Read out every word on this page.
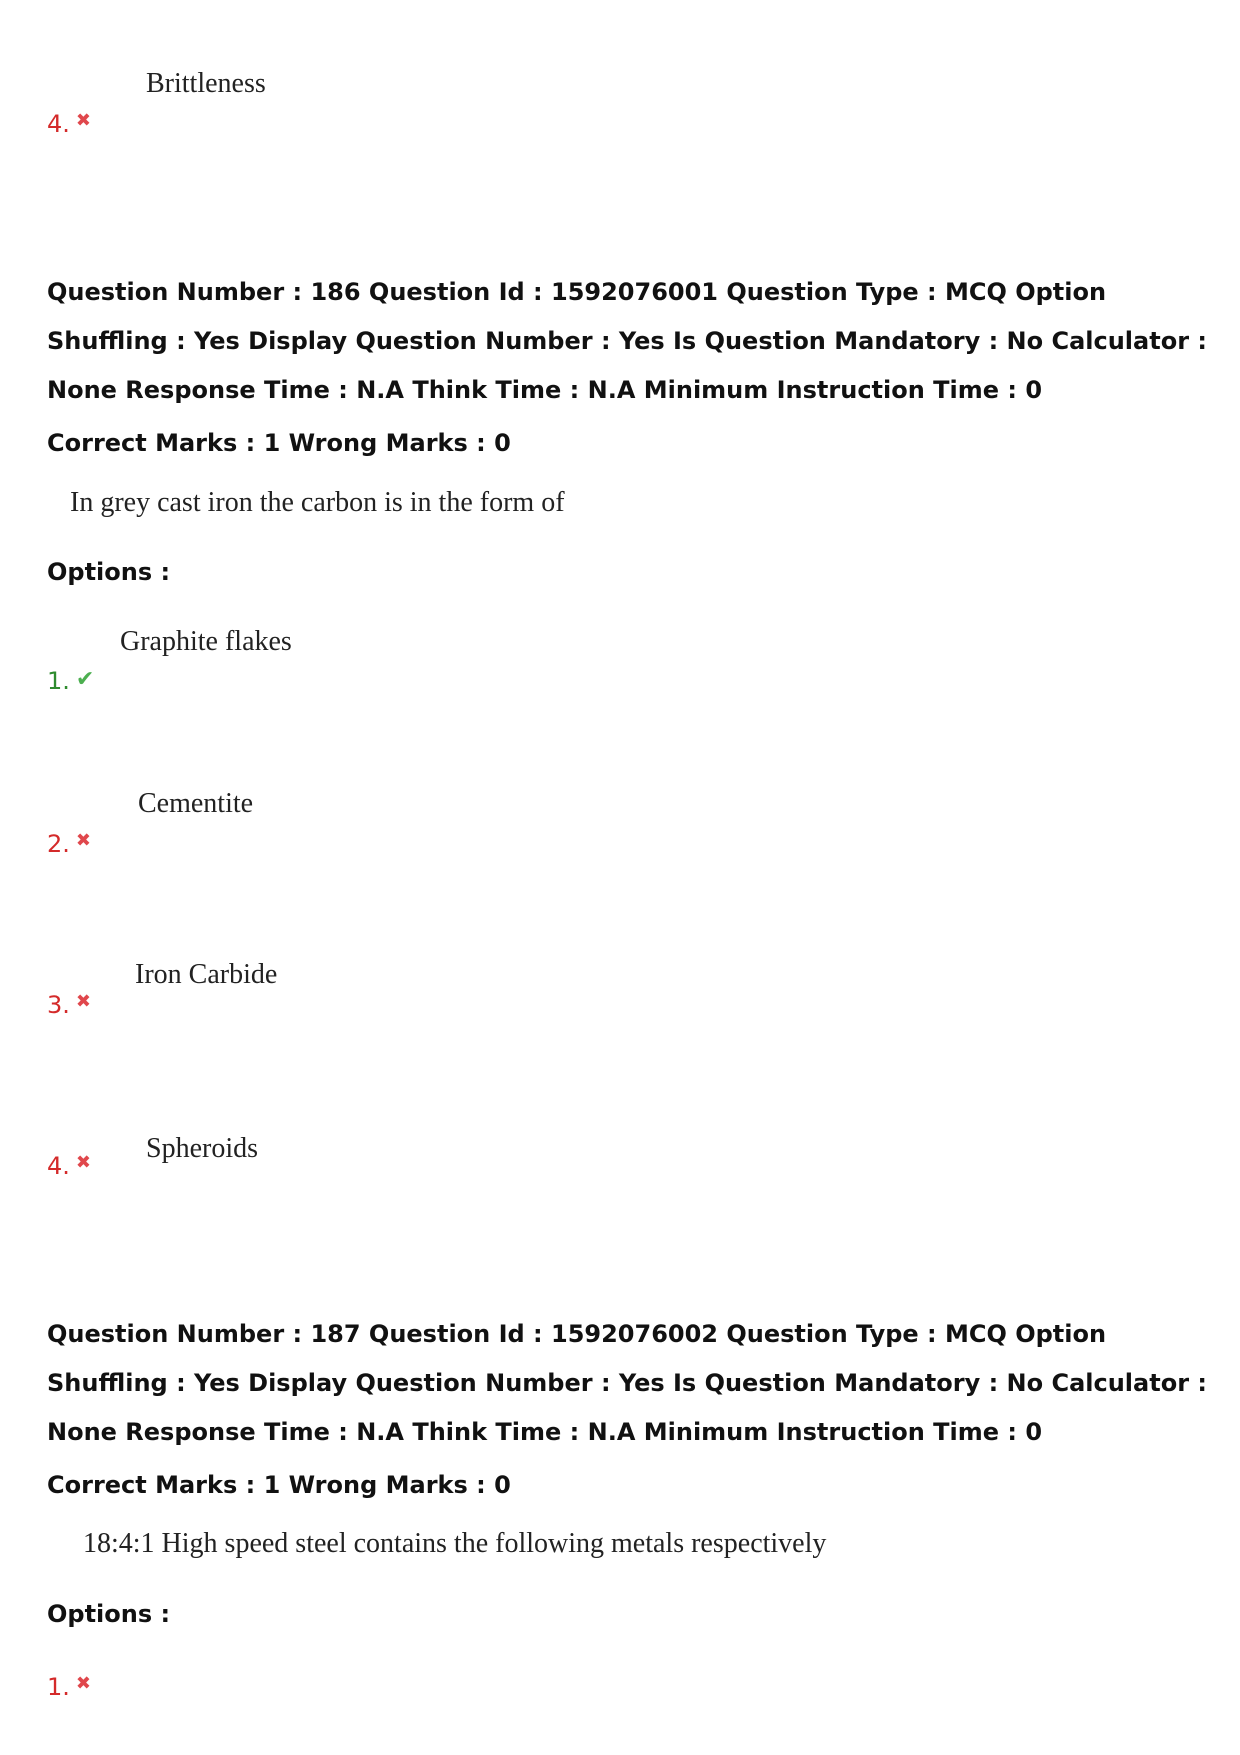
Brittleness
4. ✖
Question Number : 186 Question Id : 1592076001 Question Type : MCQ Option Shuffling : Yes Display Question Number : Yes Is Question Mandatory : No Calculator : None Response Time : N.A Think Time : N.A Minimum Instruction Time : 0
Correct Marks : 1 Wrong Marks : 0
In grey cast iron the carbon is in the form of
Options :
Graphite flakes
1. ✔
Cementite
2. ✖
Iron Carbide
3. ✖
Spheroids
4. ✖
Question Number : 187 Question Id : 1592076002 Question Type : MCQ Option Shuffling : Yes Display Question Number : Yes Is Question Mandatory : No Calculator : None Response Time : N.A Think Time : N.A Minimum Instruction Time : 0
Correct Marks : 1 Wrong Marks : 0
18:4:1 High speed steel contains the following metals respectively
Options :
1. ✖
